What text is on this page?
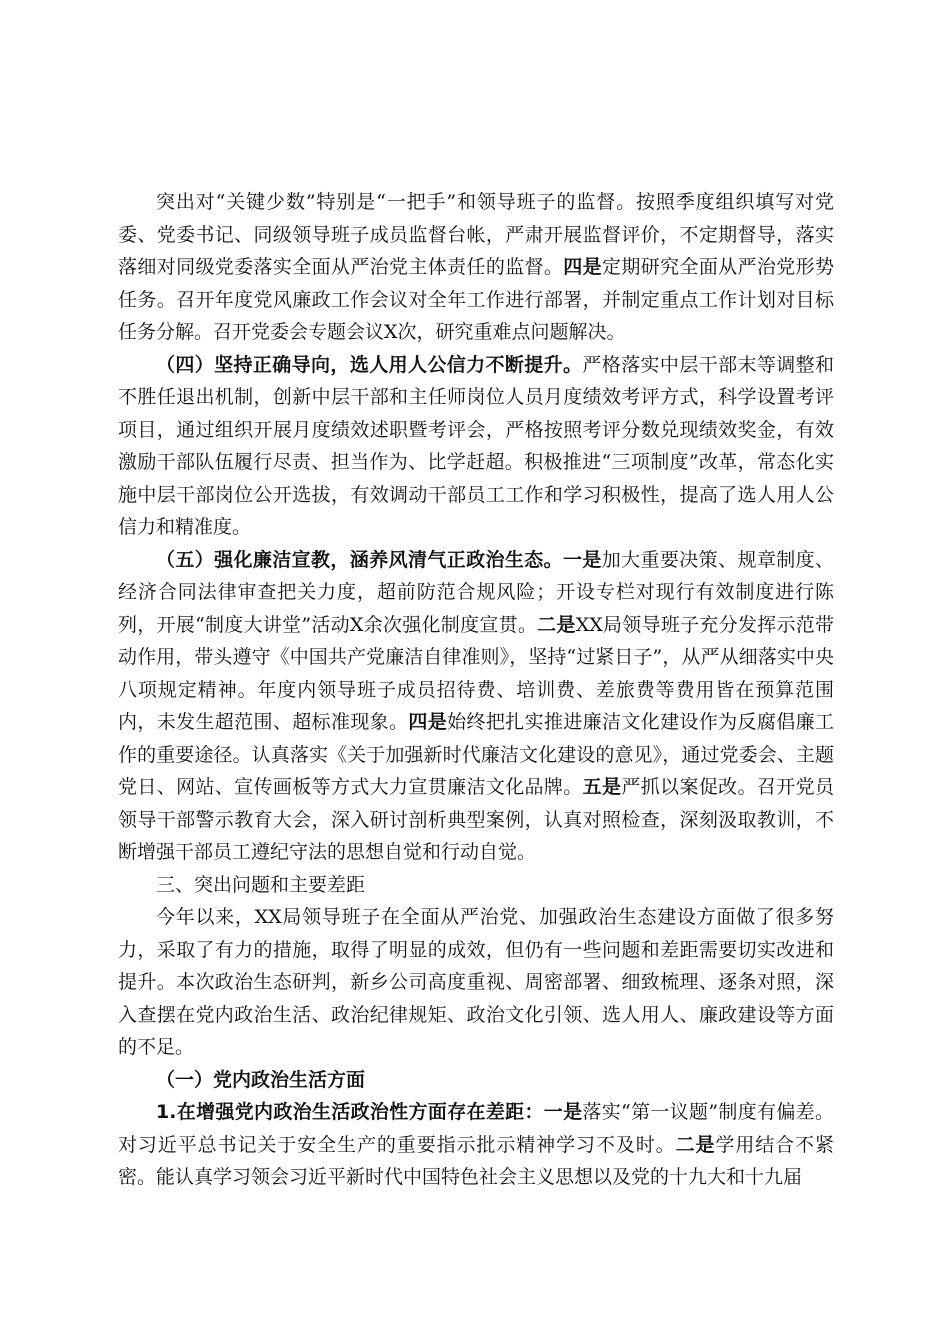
突出对“关键少数”特别是“一把手”和领导班子的监督。按照季度组织填写对党委、党委书记、同级领导班子成员监督台帐，严肃开展监督评价，不定期督导，落实落细对同级党委落实全面从严治党主体责任的监督。四是定期研究全面从严治党形势任务。召开年度党风廉政工作会议对全年工作进行部署，并制定重点工作计划对目标任务分解。召开党委会专题会议X次，研究重难点问题解决。

（四）坚持正确导向，选人用人公信力不断提升。严格落实中层干部末等调整和不胜任退出机制，创新中层干部和主任师岗位人员月度绩效考评方式，科学设置考评项目，通过组织开展月度绩效述职暨考评会，严格按照考评分数兑现绩效奖金，有效激励干部队伍履行尽责、担当作为、比学赶超。积极推进“三项制度”改革，常态化实施中层干部岗位公开选拔，有效调动干部员工工作和学习积极性，提高了选人用人公信力和精准度。

（五）强化廉洁宣教，涵养风清气正政治生态。一是加大重要决策、规章制度、经济合同法律审查把关力度，超前防范合规风险；开设专栏对现行有效制度进行陈列，开展“制度大讲堂”活动X余次强化制度宣贯。二是XX局领导班子充分发挥示范带动作用，带头遵守《中国共产党廉洁自律准则》，坚持“过紧日子”，从严从细落实中央八项规定精神。年度内领导班子成员招待费、培训费、差旅费等费用皆在预算范围内，未发生超范围、超标准现象。四是始终把扎实推进廉洁文化建设作为反腐倡廉工作的重要途径。认真落实《关于加强新时代廉洁文化建设的意见》，通过党委会、主题党日、网站、宣传画板等方式大力宣贯廉洁文化品牌。五是严抓以案促改。召开党员领导干部警示教育大会，深入研讨剖析典型案例，认真对照检查，深刻汲取教训，不断增强干部员工遵纪守法的思想自觉和行动自觉。

三、突出问题和主要差距

今年以来，XX局领导班子在全面从严治党、加强政治生态建设方面做了很多努力，采取了有力的措施，取得了明显的成效，但仍有一些问题和差距需要切实改进和提升。本次政治生态研判，新乡公司高度重视、周密部署、细致梳理、逐条对照，深入查摆在党内政治生活、政治纪律规矩、政治文化引领、选人用人、廉政建设等方面的不足。

（一）党内政治生活方面

1.在增强党内政治生活政治性方面存在差距：一是落实“第一议题”制度有偏差。对习近平总书记关于安全生产的重要指示批示精神学习不及时。二是学用结合不紧密。能认真学习领会习近平新时代中国特色社会主义思想以及党的十九大和十九届
